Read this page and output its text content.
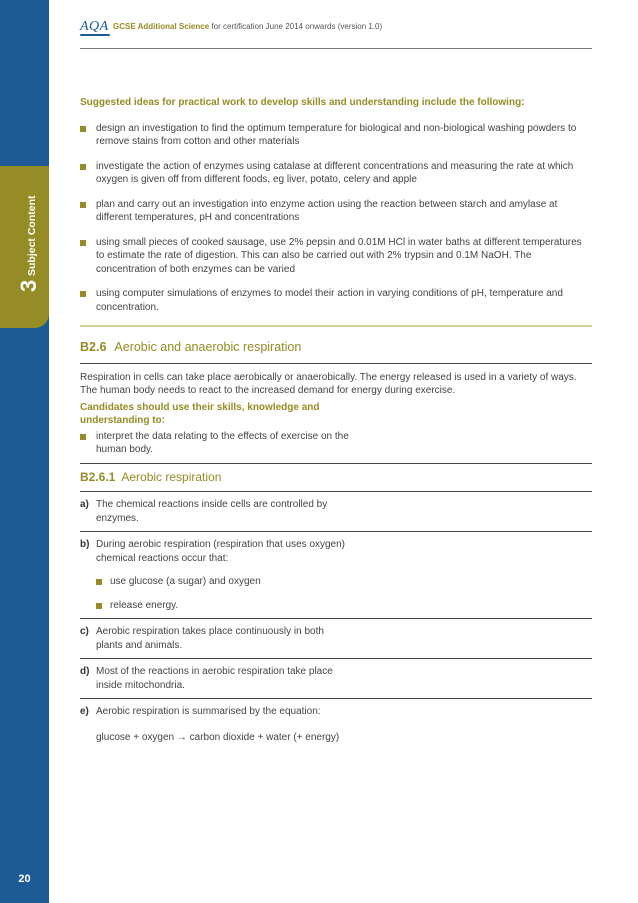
3
Subject Content
20
AQA GCSE Additional Science for certification June 2014 onwards (version 1.0)
Suggested ideas for practical work to develop skills and understanding include the following:
design an investigation to find the optimum temperature for biological and non-biological washing powders to remove stains from cotton and other materials
investigate the action of enzymes using catalase at different concentrations and measuring the rate at which oxygen is given off from different foods, eg liver, potato, celery and apple
plan and carry out an investigation into enzyme action using the reaction between starch and amylase at different temperatures, pH and concentrations
using small pieces of cooked sausage, use 2% pepsin and 0.01M HCl in water baths at different temperatures to estimate the rate of digestion. This can also be carried out with 2% trypsin and 0.1M NaOH. The concentration of both enzymes can be varied
using computer simulations of enzymes to model their action in varying conditions of pH, temperature and concentration.
B2.6 Aerobic and anaerobic respiration
Respiration in cells can take place aerobically or anaerobically. The energy released is used in a variety of ways. The human body needs to react to the increased demand for energy during exercise.
Candidates should use their skills, knowledge and understanding to:
interpret the data relating to the effects of exercise on the human body.
B2.6.1 Aerobic respiration
a) The chemical reactions inside cells are controlled by enzymes.
b) During aerobic respiration (respiration that uses oxygen) chemical reactions occur that:
use glucose (a sugar) and oxygen
release energy.
c) Aerobic respiration takes place continuously in both plants and animals.
d) Most of the reactions in aerobic respiration take place inside mitochondria.
e) Aerobic respiration is summarised by the equation:
glucose + oxygen → carbon dioxide + water (+ energy)
